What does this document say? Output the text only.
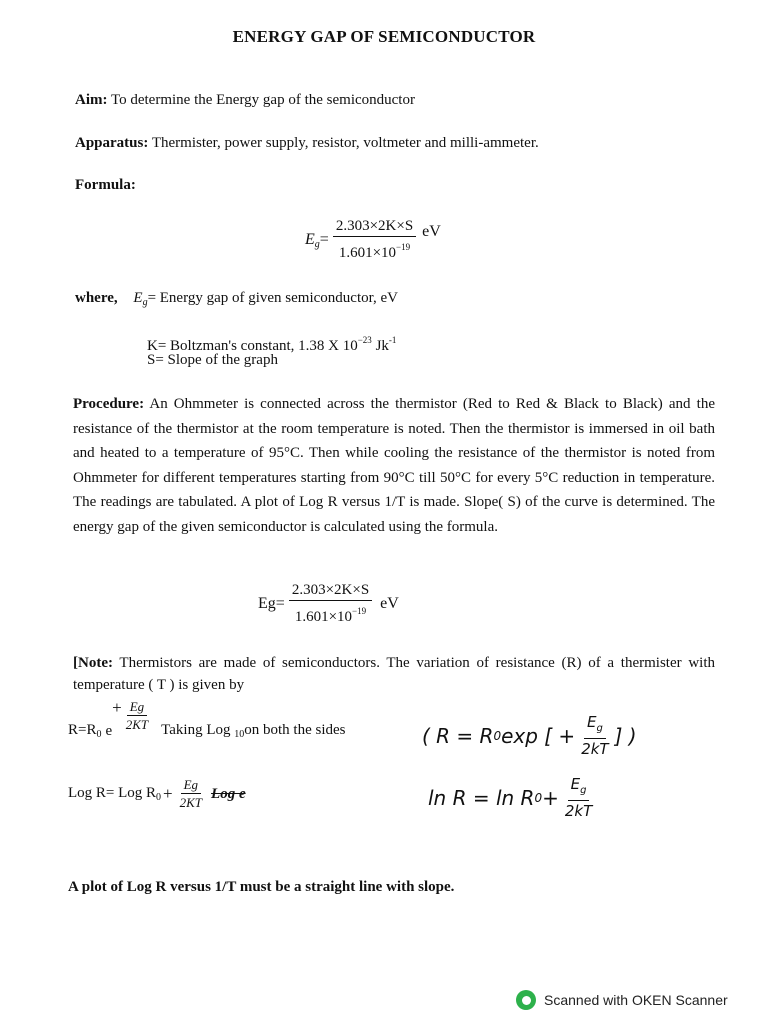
ENERGY GAP OF SEMICONDUCTOR
Aim: To determine the Energy gap of the semiconductor
Apparatus: Thermister, power supply, resistor, voltmeter and milli-ammeter.
Formula:
$E_g = \frac{2.303\times 2K\times S}{1.601\times 10^{-19}}$ eV
where, $E_g=$ Energy gap of given semiconductor, eV
K= Boltzman's constant, 1.38 X $10^{-23}$ $Jk^{-1}$
S= Slope of the graph
Procedure: An Ohmmeter is connected across the thermistor (Red to Red & Black to Black) and the resistance of the thermistor at the room temperature is noted. Then the thermistor is immersed in oil bath and heated to a temperature of 95°C. Then while cooling the resistance of the thermistor is noted from Ohmmeter for different temperatures starting from 90°C till 50°C for every 5°C reduction in temperature. The readings are tabulated. A plot of Log R versus 1/T is made. Slope( S) of the curve is determined. The energy gap of the given semiconductor is calculated using the formula.
$Eg = \frac{2.303\times 2K\times S}{1.601\times 10^{-19}}$ eV
[Note: Thermistors are made of semiconductors. The variation of resistance (R) of a thermister with temperature ( T ) is given by
$R=R_0$ e
+ $\frac{Eg}{2KT}$ Taking Log $_{10}$on both the sides	( R = R 0 exp [ + $\frac{E_g}{2kT}$ ] )
Log R= Log $R_0 + \frac{Eg}{2KT}$ Log e	ln R = ln R $0 + \frac{E_g}{2kT}$
A plot of Log R versus 1/T must be a straight line with slope.
Scanned with OKEN Scanner
